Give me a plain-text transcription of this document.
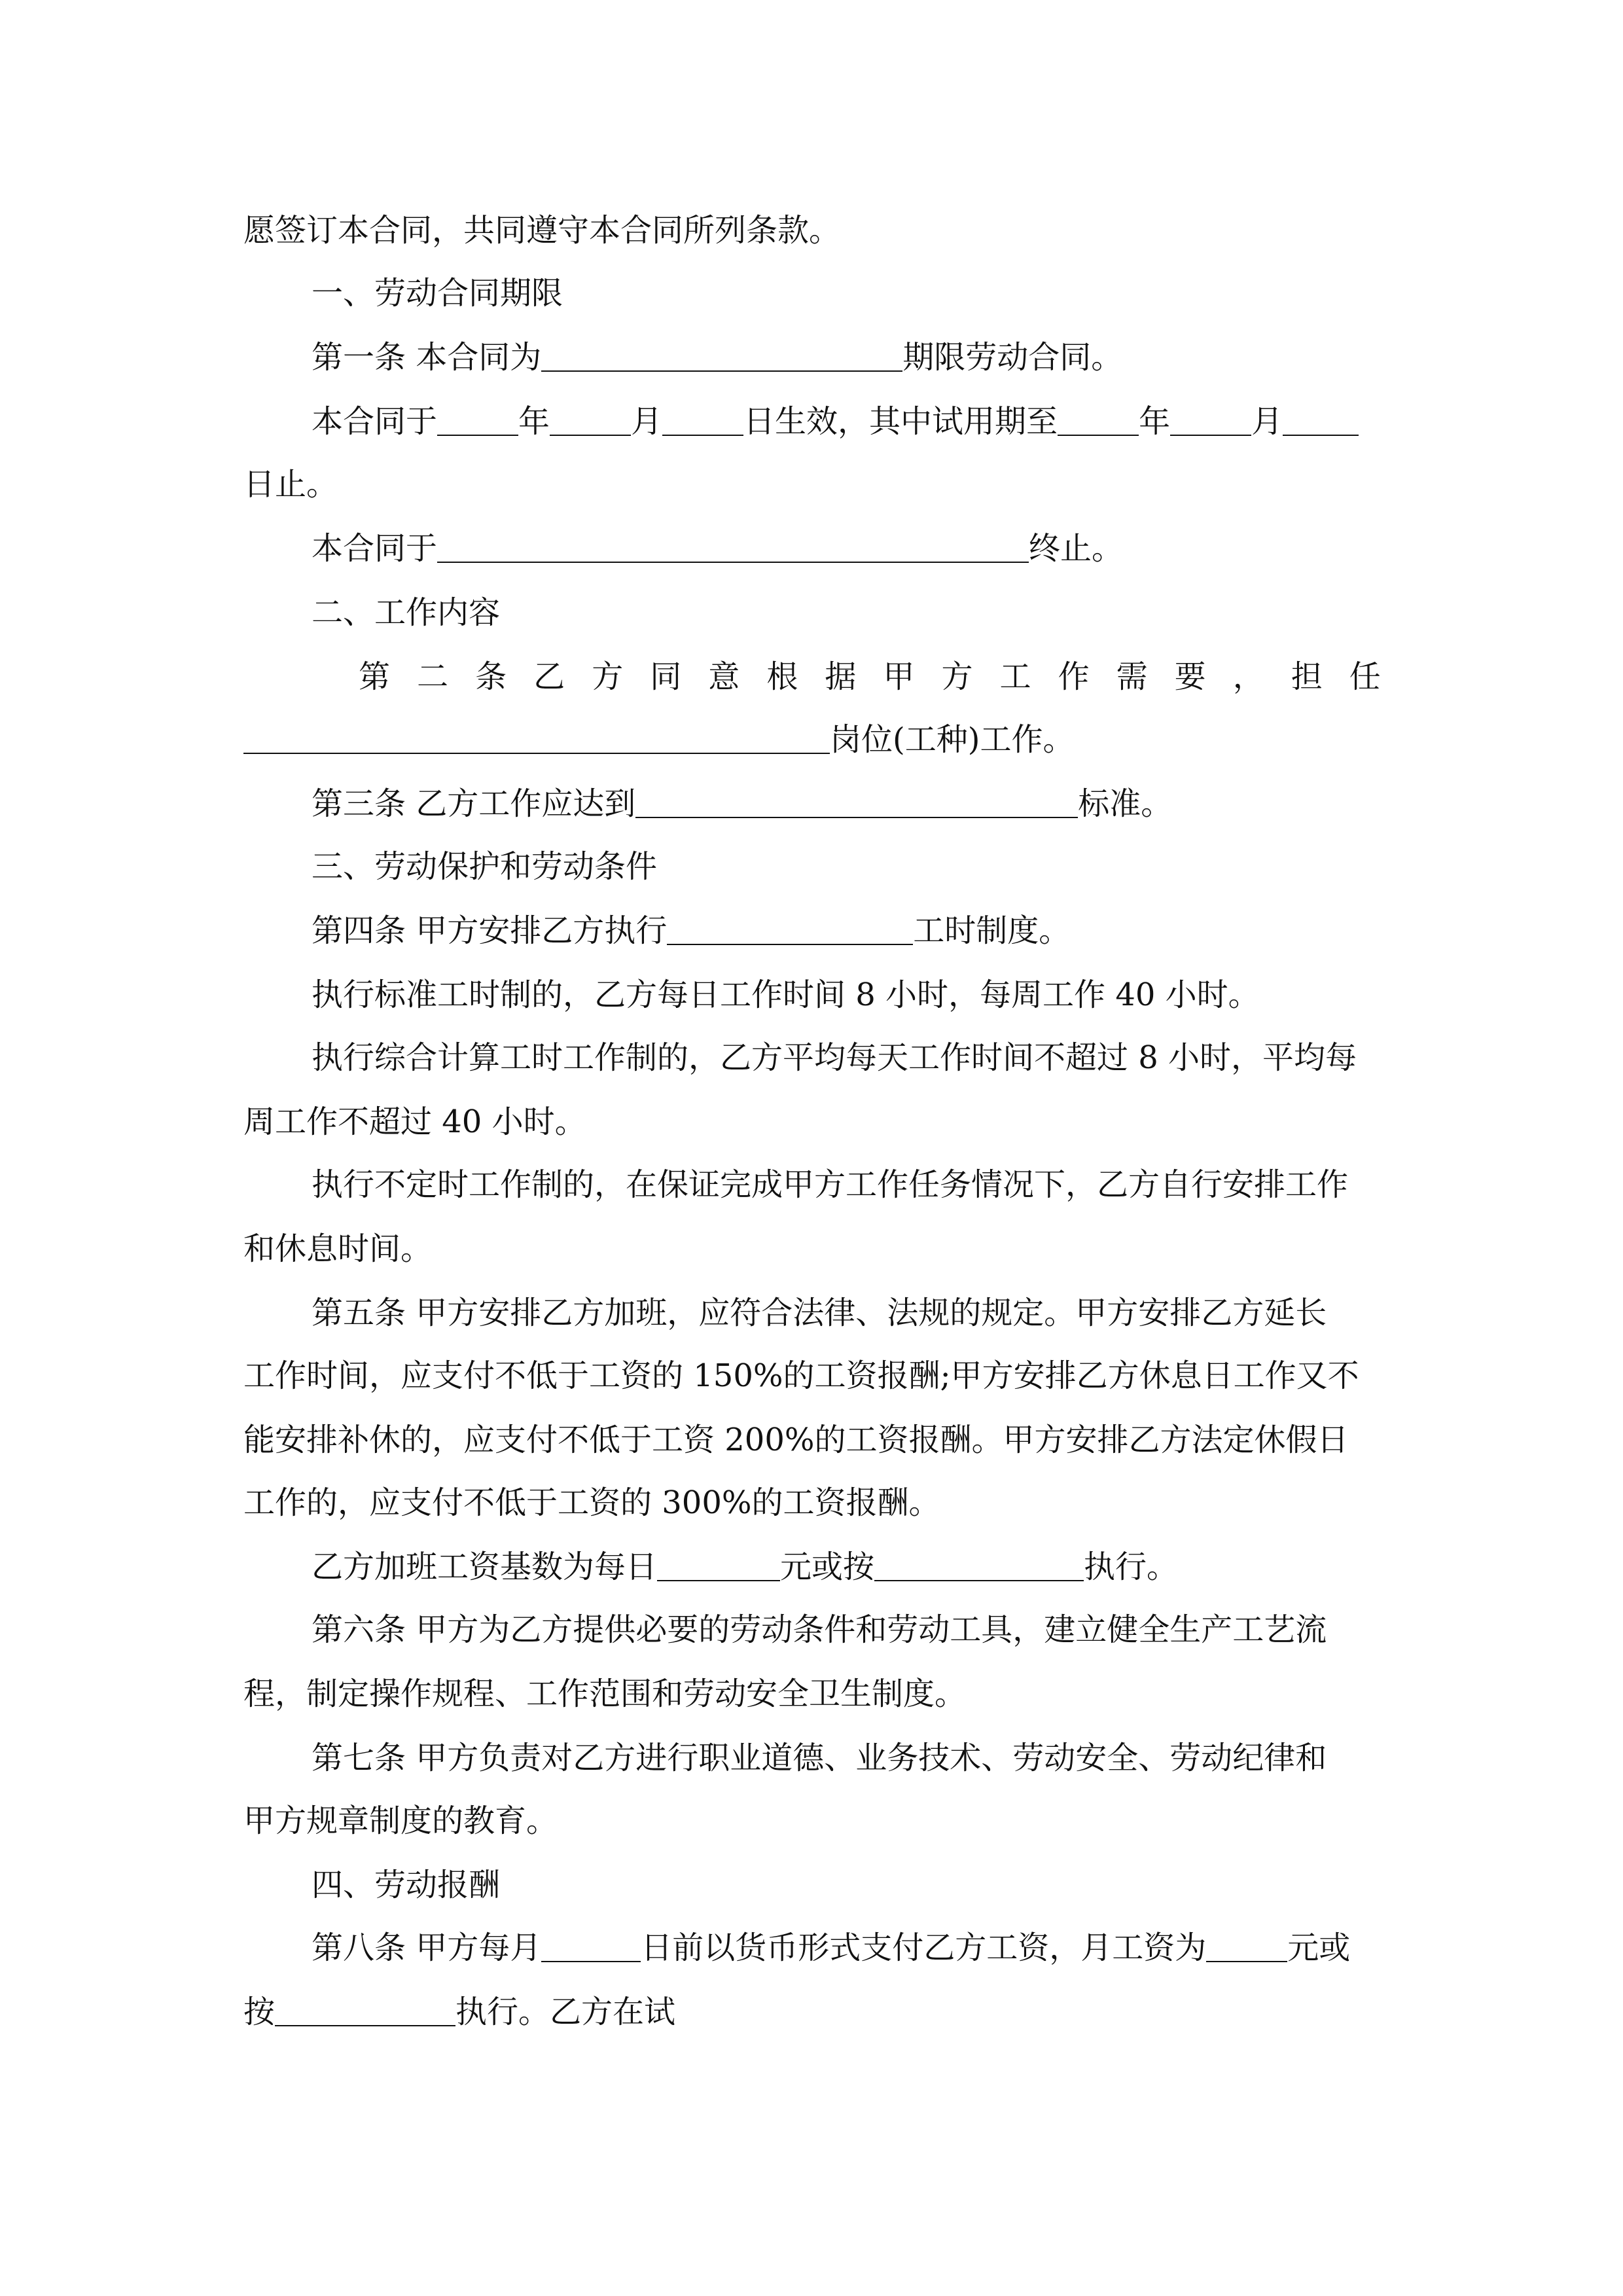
愿签订本合同，共同遵守本合同所列条款。
一、劳动合同期限
第一条 本合同为	期限劳动合同。
本合同于	年	月	日生效，其中试用期至	年	月
日止。
本合同于	终止。
二、工作内容
第 二 条 乙 方 同 意 根 据 甲 方 工 作 需 要 ， 担 任
岗位(工种)工作。
第三条 乙方工作应达到	标准。
三、劳动保护和劳动条件
第四条 甲方安排乙方执行	工时制度。
执行标准工时制的，乙方每日工作时间 8 小时，每周工作 40 小时。
执行综合计算工时工作制的，乙方平均每天工作时间不超过 8 小时，平均每
周工作不超过 40 小时。
执行不定时工作制的，在保证完成甲方工作任务情况下，乙方自行安排工作
和休息时间。
第五条 甲方安排乙方加班，应符合法律、法规的规定。甲方安排乙方延长
工作时间，应支付不低于工资的 150%的工资报酬;甲方安排乙方休息日工作又不
能安排补休的，应支付不低于工资 200%的工资报酬。甲方安排乙方法定休假日
工作的，应支付不低于工资的 300%的工资报酬。
乙方加班工资基数为每日	元或按	执行。
第六条 甲方为乙方提供必要的劳动条件和劳动工具，建立健全生产工艺流
程，制定操作规程、工作范围和劳动安全卫生制度。
第七条 甲方负责对乙方进行职业道德、业务技术、劳动安全、劳动纪律和
甲方规章制度的教育。
四、劳动报酬
第八条 甲方每月	日前以货币形式支付乙方工资，月工资为	元或
按	执行。乙方在试
